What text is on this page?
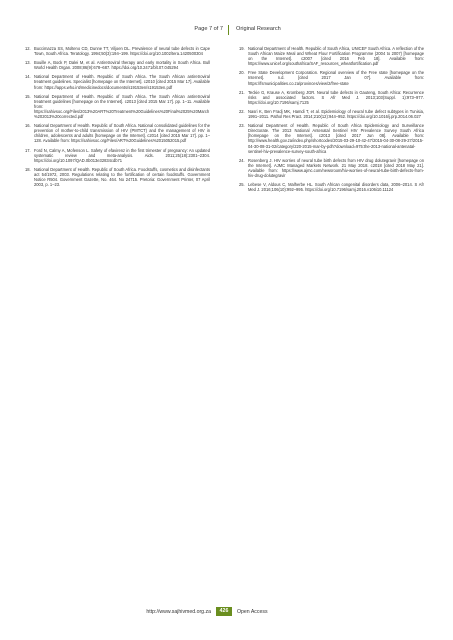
Page 7 of 7 Original Research
12. Buccimazza SS, Molteno CD, Dunne TT, Viljoen DL. Prevalence of neural tube defects in Cape Town, South Africa. Teratology. 1994;50(3):194–199. https://doi.org/10.1002/tera.1420500304
13. Bouille A, Bock P, Dalei M, et al. Antiretroviral therapy and early mortality in South Africa. Bull World Health Organ. 2008;86(9):678–687. https://doi.org/10.2471/blt.07.045294
14. National Department of Health. Republic of South Africa. The South African antiretroviral treatment guidelines. Specialist [homepage on the Internet]. c2010 [cited 2015 Mar 17]. Available from: https://apps.who.int/medicinedocs/documents/s19153en/s19153en.pdf
15. National Department of Health. Republic of South Africa. The South African antiretroviral treatment guidelines [homepage on the Internet]. c2013 [cited 2015 Mar 17]. pp. 1–11. Available from: https://sahivsoc.org/Files/2013%20ART%20Treatment%20Guidelines%20Final%2025%20March%202013%20corrected.pdf
16. National Department of Health. Republic of South Africa. National consolidated guidelines for the prevention of mother-to-child transmission of HIV (PMTCT) and the management of HIV in children, adolescents and adults [homepage on the Internet]. c2014 [cited 2015 Mar 17]. pp. 1–128. Available from: https://sahivsoc.org/Files/ART%20Guidelines%2015052015.pdf
17. Ford N, Calmy A, Mofenson L. Safety of efavirenz in the first trimester of pregnancy: An updated systematic review and meta-analysis. Aids. 2011;25(18):2301–2304. https://doi.org/10.1097/QAD.0b013e32834cdb71
18. National Department of Health. Republic of South Africa. Foodstuffs, cosmetics and disinfectants act 54/1972, 2003. Regulations relating to the fortification of certain foodstuffs. Government Notice R504. Government Gazette, No. 464. No 24715. Pretoria: Government Printer, 07 April 2003, p. 1–23.
19. National Department of Health. Republic of South Africa, UNICEF South Africa. A reflection of the South African Maize Meal and Wheat Flour Fortification Programme (2004 to 2007) [homepage on the Internet]. c2007 [cited 2016 Feb 18]. Available from: https://www.unicef.org/southafrica/SAF_resources_wheatfortification.pdf
20. Free State Development Corporation. Regional overview of the Free state [homepage on the Internet]. n.d. [cited 2017 Jan 07]. Available from: https://fsmunicipalities.co.za/provinces/view/2/free-state
21. Teckie G, Krause A, Kromberg JGR. Neural tube defects in Gauteng, South Africa: Recurrence risks and associated factors. S Afr Med J. 2013;103(Suppl. 1):973–977. https://doi.org/10.7196/samj.7125
22. Nasri K, Ben Fradj MK, Hamdi T, et al. Epidemiology of neural tube defect subtypes in Tunisia, 1991–2011. Pathol Res Pract. 2014;210(12):944–952. https://doi.org/10.1016/j.prp.2014.06.027
23. National Department of Health. Republic of South Africa Epidemiology and Surveillance Directorate. The 2013 National Antenatal Sentinel HIV Prevalence Survey South Africa [homepage on the Internet]. c2013 [cited 2017 Jun 08]. Available from: http://www.health.gov.za/index.php/shortcodes/2015-03-29-10-42-47/2015-04-30-08-29-27/2015-04-30-08-31-02/category/220-2015-mar-by-pdh?download=975:the-2013-national-antenatal-sentinel-hiv-prevalence-survey-south-africa
24. Rosenberg J. HIV worries of neural tube birth defects from HIV drug dolutegravir [homepage on the Internet]. AJMC Managed Markets Network. 21 May 2018. c2018 [cited 2018 May 21]. Available from: https://www.ajmc.com/newsroom/hiv-worries-of-neural-tube-birth-defects-from-hiv-drug-dolutegravir
25. Lebese V, Aldous C, Malherbe HL. South African congenital disorders data, 2006–2014. S Afr Med J. 2016;106(10):992–995. https://doi.org/10.7196/samj.2016.v106i10.11124
http://www.sajhivmed.org.za	426	Open Access
